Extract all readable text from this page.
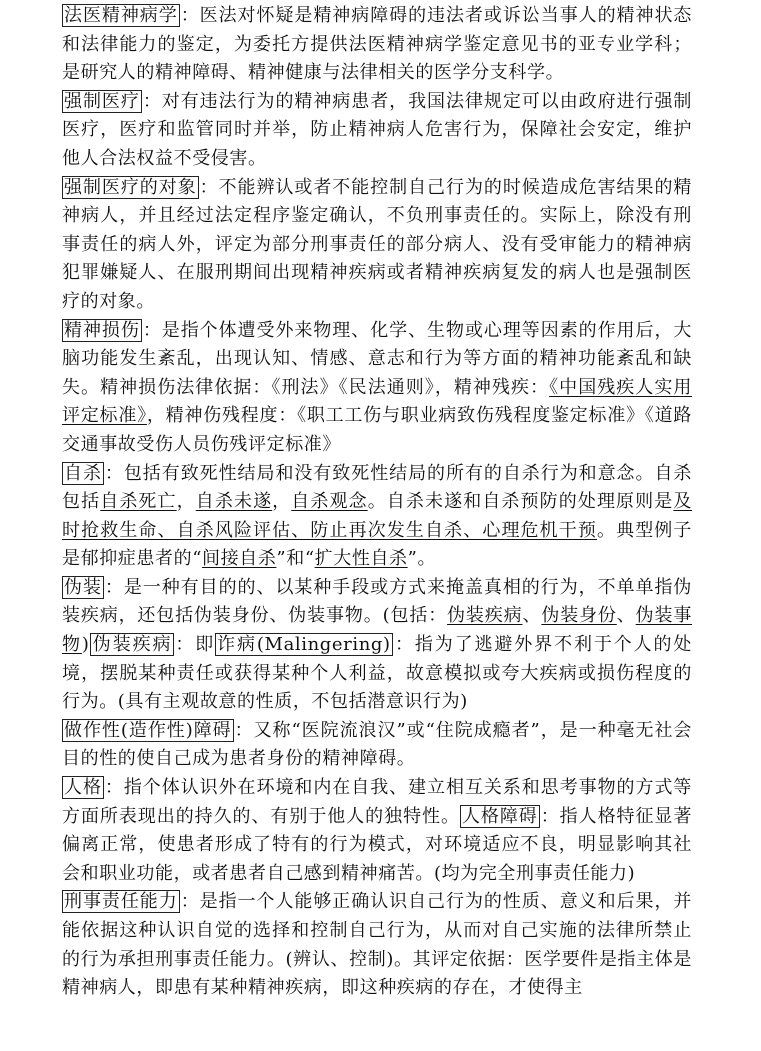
法医精神病学 ：医法对怀疑是精神病障碍的违法者或诉讼当事人的精神状态和法律能力的鉴定，为委托方提供法医精神病学鉴定意见书的亚专业学科；是研究人的精神障碍、精神健康与法律相关的医学分支科学。

强制医疗 ：对有违法行为的精神病患者，我国法律规定可以由政府进行强制医疗，医疗和监管同时并举，防止精神病人危害行为，保障社会安定，维护他人合法权益不受侵害。

强制医疗的对象 ：不能辨认或者不能控制自己行为的时候造成危害结果的精神病人，并且经过法定程序鉴定确认，不负刑事责任的。实际上，除没有刑事责任的病人外，评定为部分刑事责任的部分病人、没有受审能力的精神病犯罪嫌疑人、在服刑期间出现精神疾病或者精神疾病复发的病人也是强制医疗的对象。

精神损伤 ：是指个体遭受外来物理、化学、生物或心理等因素的作用后，大脑功能发生紊乱，出现认知、情感、意志和行为等方面的精神功能紊乱和缺失。精神损伤法律依据：《刑法》《民法通则》，精神残疾：《中国残疾人实用评定标准》，精神伤残程度：《职工工伤与职业病致伤残程度鉴定标准》《道路交通事故受伤人员伤残评定标准》

自杀 ：包括有致死性结局和没有致死性结局的所有的自杀行为和意念。自杀包括自杀死亡，自杀未遂，自杀观念。自杀未遂和自杀预防的处理原则是及时抢救生命、自杀风险评估、防止再次发生自杀、心理危机干预。典型例子是郁抑症患者的“间接自杀”和“扩大性自杀”。

伪装 ：是一种有目的的、以某种手段或方式来掩盖真相的行为，不单单指伪装疾病，还包括伪装身份、伪装事物。(包括：伪装疾病、伪装身份、伪装事物) 伪装疾病 ：即 诈病(Malingering) ：指为了逃避外界不利于个人的处境，摆脱某种责任或获得某种个人利益，故意模拟或夸大疾病或损伤程度的行为。(具有主观故意的性质，不包括潜意识行为)

做作性(造作性)障碍 ：又称“医院流浪汉”或“住院成瘾者”，是一种毫无社会目的性的使自己成为患者身份的精神障碍。

人格 ：指个体认识外在环境和内在自我、建立相互关系和思考事物的方式等方面所表现出的持久的、有别于他人的独特性。 人格障碍 ：指人格特征显著偏离正常，使患者形成了特有的行为模式，对环境适应不良，明显影响其社会和职业功能，或者患者自己感到精神痛苦。(均为完全刑事责任能力)

刑事责任能力 ：是指一个人能够正确认识自己行为的性质、意义和后果，并能依据这种认识自觉的选择和控制自己行为，从而对自己实施的法律所禁止的行为承担刑事责任能力。(辨认、控制)。其评定依据：医学要件是指主体是精神病人，即患有某种精神疾病，即这种疾病的存在，才使得主
